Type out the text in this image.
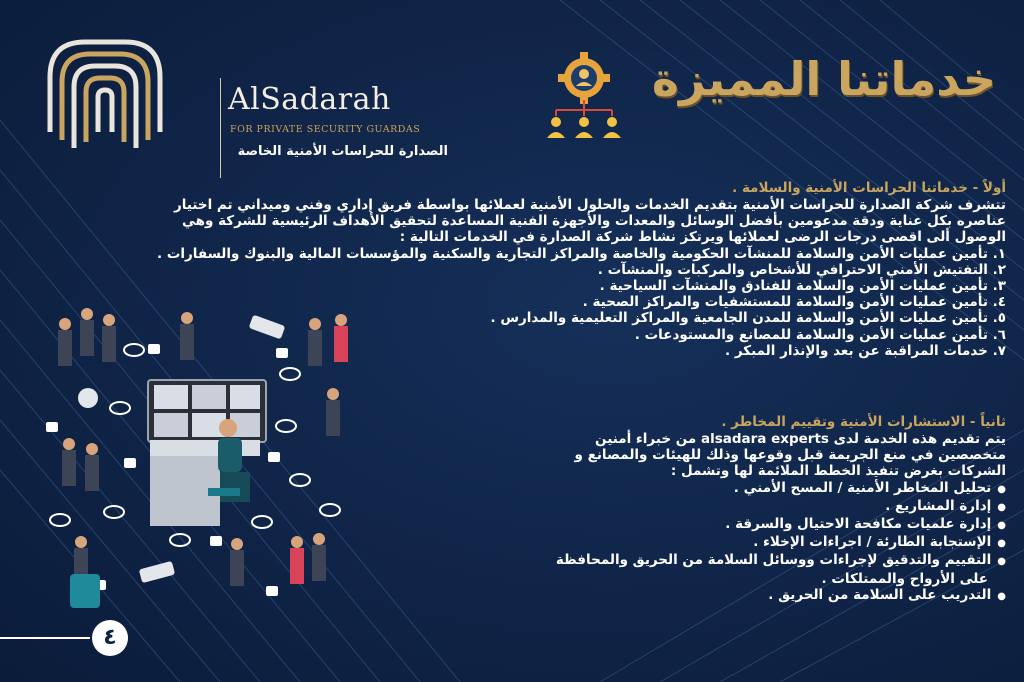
AlSadarah
FOR PRIVATE SECURITY GUARDAS
الصدارة للحراسات الأمنية الخاصة
خدماتنا المميزة
أولاً - خدماتنا الحراسات الأمنية والسلامة .
تتشرف شركة الصدارة للحراسات الأمنية بتقديم الخدمات والحلول الأمنية لعملائها بواسطة فريق إداري وفني وميداني تم اختيار
عناصره بكل عناية ودقة مدعومين بأفضل الوسائل والمعدات والأجهزة الفنية المساعدة لتحقيق الأهداف الرئيسية للشركة وهي
الوصول ألى اقصى درجات الرضى لعملائها ويرتكز نشاط شركة الصدارة في الخدمات التالية :
١. تأمين عمليات الأمن والسلامة للمنشآت الحكومية والخاصة والمراكز التجارية والسكنية والمؤسسات المالية والبنوك والسفارات .
٢. التفتيش الأمني الاحترافي للأشخاص والمركبات والمنشآت .
٣. تأمين عمليات الأمن والسلامة للفنادق والمنشآت السياحية .
٤. تأمين عمليات الأمن والسلامة للمستشفيات والمراكز الصحية .
٥. تأمين عمليات الأمن والسلامة للمدن الجامعية والمراكز التعليمية والمدارس .
٦. تأمين عمليات الأمن والسلامة للمصانع والمستودعات .
٧. خدمات المراقبة عن بعد والإنذار المبكر .
ثانياً - الاستشارات الأمنية وتقييم المخاطر .
يتم تقديم هذه الخدمة لدى alsadara experts من خبراء أمنين
متخصصين في منع الجريمة قبل وقوعها وذلك للهيئات والمصانع و
الشركات بغرض تنفيذ الخطط الملائمة لها وتشمل :
● تحليل المخاطر الأمنية / المسح الأمني .
● إدارة المشاريع .
● إدارة علميات مكافحة الاحتيال والسرقة .
● الإستجابة الطارئة / اجراءات الإخلاء .
● التقييم والتدقيق لإجراءات ووسائل السلامة من الحريق والمحافظة
على الأرواح والممتلكات .
● التدريب على السلامة من الحريق .
٤
